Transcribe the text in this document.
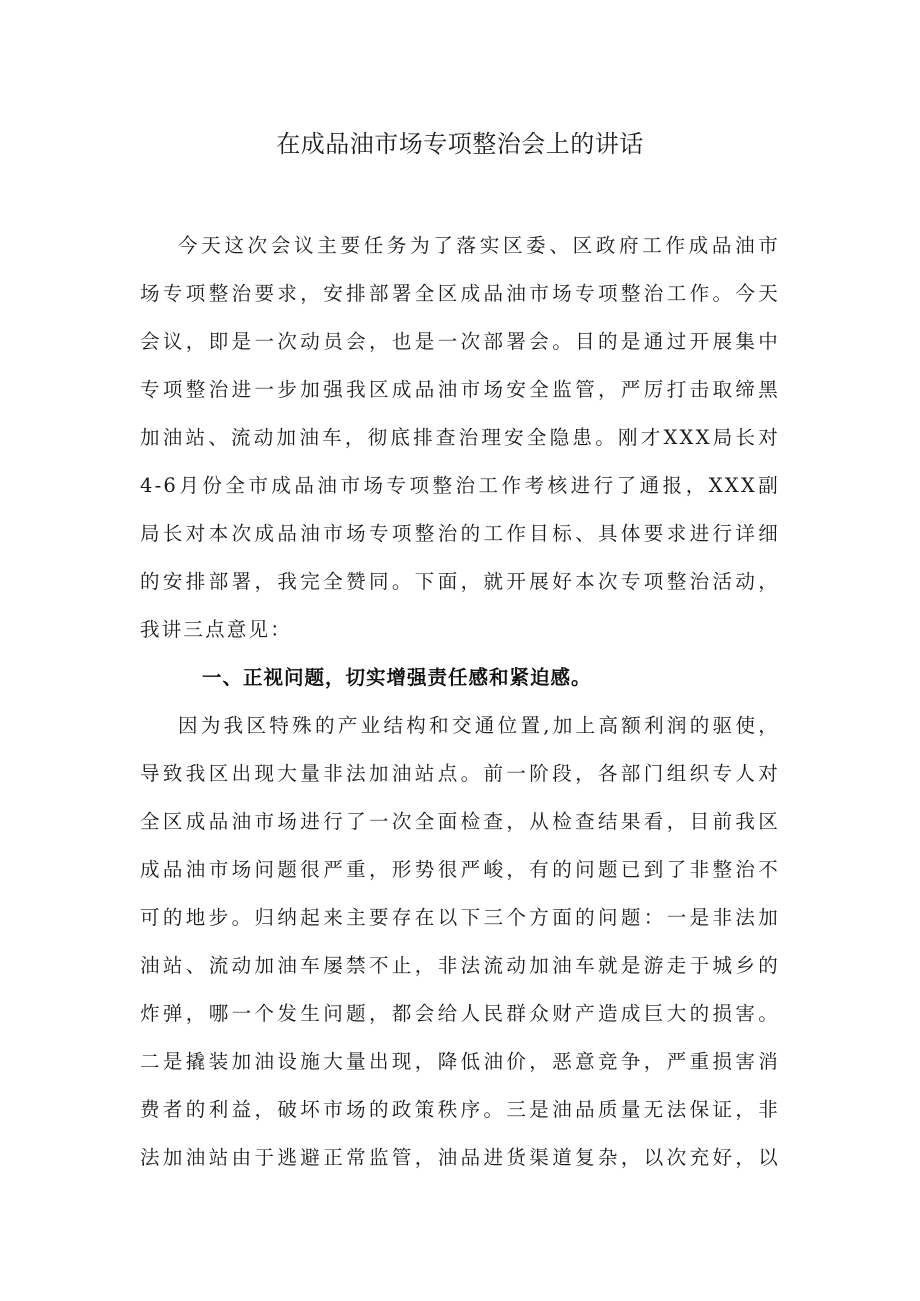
在成品油市场专项整治会上的讲话
今天这次会议主要任务为了落实区委、区政府工作成品油市
场专项整治要求，安排部署全区成品油市场专项整治工作。今天
会议，即是一次动员会，也是一次部署会。目的是通过开展集中
专项整治进一步加强我区成品油市场安全监管，严厉打击取缔黑
加油站、流动加油车，彻底排查治理安全隐患。刚才XXX局长对
4-6月份全市成品油市场专项整治工作考核进行了通报，XXX副
局长对本次成品油市场专项整治的工作目标、具体要求进行详细
的安排部署，我完全赞同。下面，就开展好本次专项整治活动，
我讲三点意见：
一、正视问题，切实增强责任感和紧迫感。
因为我区特殊的产业结构和交通位置,加上高额利润的驱使，
导致我区出现大量非法加油站点。前一阶段，各部门组织专人对
全区成品油市场进行了一次全面检查，从检查结果看，目前我区
成品油市场问题很严重，形势很严峻，有的问题已到了非整治不
可的地步。归纳起来主要存在以下三个方面的问题：一是非法加
油站、流动加油车屡禁不止，非法流动加油车就是游走于城乡的
炸弹，哪一个发生问题，都会给人民群众财产造成巨大的损害。
二是撬装加油设施大量出现，降低油价，恶意竞争，严重损害消
费者的利益，破坏市场的政策秩序。三是油品质量无法保证，非
法加油站由于逃避正常监管，油品进货渠道复杂，以次充好，以
